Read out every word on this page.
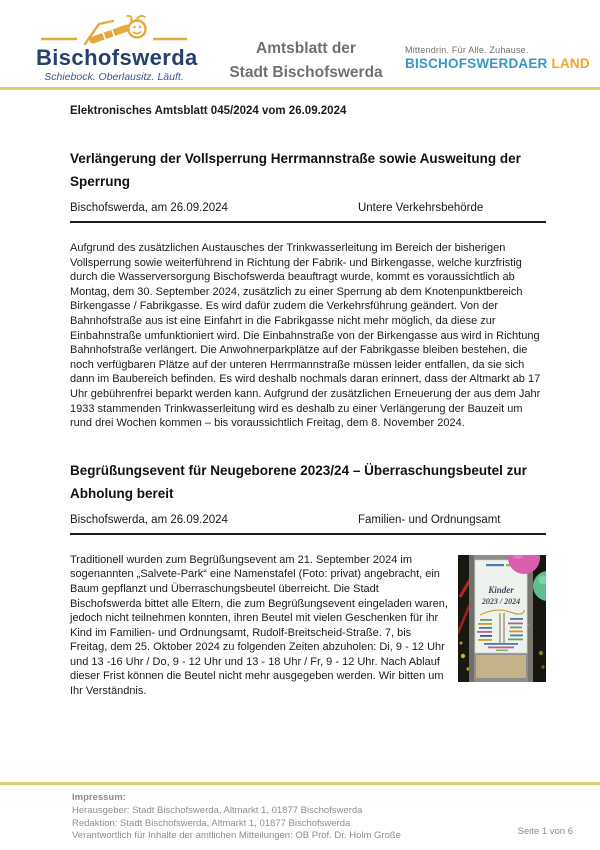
Bischofswerda
Schiebock. Oberlausitz. Läuft.
Amtsblatt der
Stadt Bischofswerda
Mittendrin. Für Alle. Zuhause.
BISCHOFSWERDAER LAND
Elektronisches Amtsblatt 045/2024 vom 26.09.2024
Verlängerung der Vollsperrung Herrmannstraße sowie Ausweitung der Sperrung
Bischofswerda, am 26.09.2024	Untere Verkehrsbehörde
Aufgrund des zusätzlichen Austausches der Trinkwasserleitung im Bereich der bisherigen Vollsperrung sowie weiterführend in Richtung der Fabrik- und Birkengasse, welche kurzfristig durch die Wasserversorgung Bischofswerda beauftragt wurde, kommt es voraussichtlich ab Montag, dem 30. September 2024, zusätzlich zu einer Sperrung ab dem Knotenpunktbereich Birkengasse / Fabrikgasse. Es wird dafür zudem die Verkehrsführung geändert. Von der Bahnhofstraße aus ist eine Einfahrt in die Fabrikgasse nicht mehr möglich, da diese zur Einbahnstraße umfunktioniert wird. Die Einbahnstraße von der Birkengasse aus wird in Richtung Bahnhofstraße verlängert. Die Anwohnerparkplätze auf der Fabrikgasse bleiben bestehen, die noch verfügbaren Plätze auf der unteren Herrmannstraße müssen leider entfallen, da sie sich dann im Baubereich befinden. Es wird deshalb nochmals daran erinnert, dass der Altmarkt ab 17 Uhr gebührenfrei beparkt werden kann. Aufgrund der zusätzlichen Erneuerung der aus dem Jahr 1933 stammenden Trinkwasserleitung wird es deshalb zu einer Verlängerung der Bauzeit um rund drei Wochen kommen – bis voraussichtlich Freitag, dem 8. November 2024.
Begrüßungsevent für Neugeborene 2023/24 – Überraschungsbeutel zur Abholung bereit
Bischofswerda, am 26.09.2024	Familien- und Ordnungsamt
Traditionell wurden zum Begrüßungsevent am 21. September 2024 im sogenannten „Salvete-Park“ eine Namenstafel (Foto: privat) angebracht, ein Baum gepflanzt und Überraschungsbeutel überreicht. Die Stadt Bischofswerda bittet alle Eltern, die zum Begrüßungsevent eingeladen waren, jedoch nicht teilnehmen konnten, ihren Beutel mit vielen Geschenken für ihr Kind im Familien- und Ordnungsamt, Rudolf-Breitscheid-Straße. 7, bis Freitag, dem 25. Oktober 2024 zu folgenden Zeiten abzuholen: Di, 9 - 12 Uhr und 13 -16 Uhr / Do, 9 - 12 Uhr und 13 - 18 Uhr / Fr, 9 - 12 Uhr. Nach Ablauf dieser Frist können die Beutel nicht mehr ausgegeben werden. Wir bitten um Ihr Verständnis.
Kinder
2023 / 2024
Impressum:
Herausgeber: Stadt Bischofswerda, Altmarkt 1, 01877 Bischofswerda
Redaktion: Stadt Bischofswerda, Altmarkt 1, 01877 Bischofswerda
Verantwortlich für Inhalte der amtlichen Mitteilungen: OB Prof. Dr. Holm Große	Seite 1 von 6
